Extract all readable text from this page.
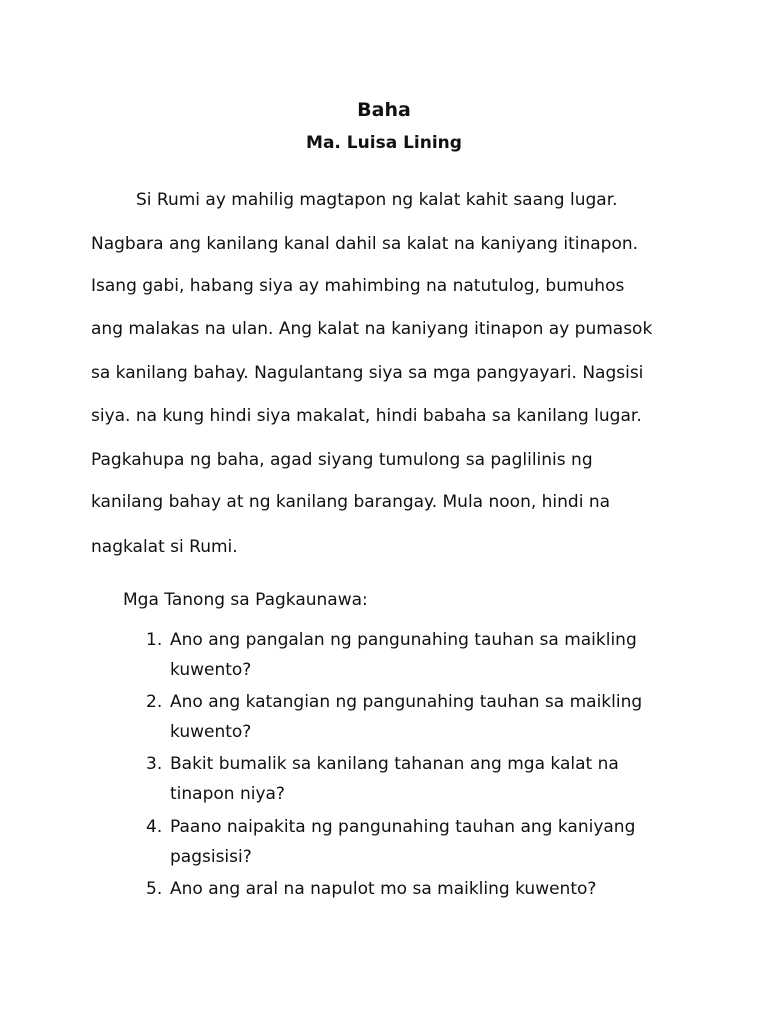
Baha
Ma. Luisa Lining
Si Rumi ay mahilig magtapon ng kalat kahit saang lugar.
Nagbara ang kanilang kanal dahil sa kalat na kaniyang itinapon.
Isang gabi, habang siya ay mahimbing na natutulog, bumuhos
ang malakas na ulan. Ang kalat na kaniyang itinapon ay pumasok
sa kanilang bahay. Nagulantang siya sa mga pangyayari. Nagsisi
siya. na kung hindi siya makalat, hindi babaha sa kanilang lugar.
Pagkahupa ng baha, agad siyang tumulong sa paglilinis ng
kanilang bahay at ng kanilang barangay. Mula noon, hindi na
nagkalat si Rumi.
Mga Tanong sa Pagkaunawa:
1. Ano ang pangalan ng pangunahing tauhan sa maikling
kuwento?
2. Ano ang katangian ng pangunahing tauhan sa maikling
kuwento?
3. Bakit bumalik sa kanilang tahanan ang mga kalat na
tinapon niya?
4. Paano naipakita ng pangunahing tauhan ang kaniyang
pagsisisi?
5. Ano ang aral na napulot mo sa maikling kuwento?
